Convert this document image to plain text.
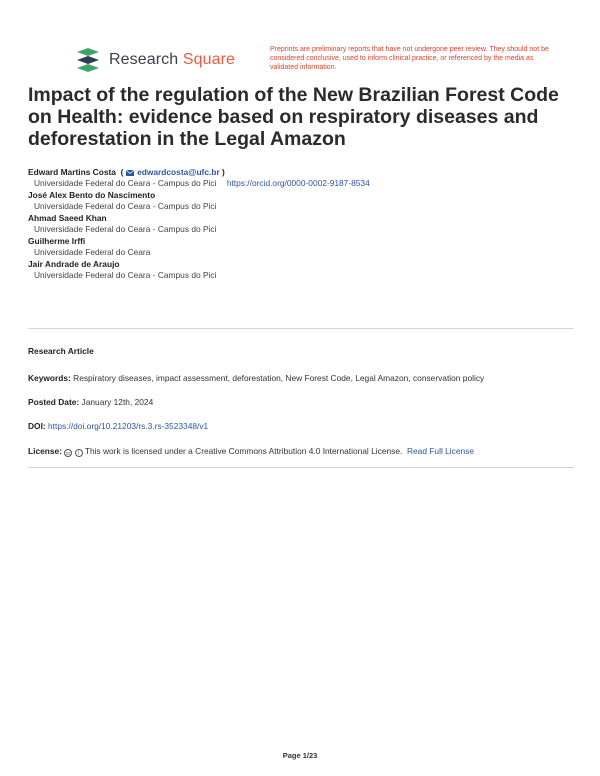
Research Square
Preprints are preliminary reports that have not undergone peer review. They should not be considered conclusive, used to inform clinical practice, or referenced by the media as validated information.
Impact of the regulation of the New Brazilian Forest Code on Health: evidence based on respiratory diseases and deforestation in the Legal Amazon
Edward Martins Costa  (  edwardcosta@ufc.br )
Universidade Federal do Ceara - Campus do Pici https://orcid.org/0000-0002-9187-8534
José Alex Bento do Nascimento
Universidade Federal do Ceara - Campus do Pici
Ahmad Saeed Khan
Universidade Federal do Ceara - Campus do Pici
Guilherme Irffi
Universidade Federal do Ceara
Jair Andrade de Araujo
Universidade Federal do Ceara - Campus do Pici
Research Article
Keywords: Respiratory diseases, impact assessment, deforestation, New Forest Code, Legal Amazon, conservation policy
Posted Date: January 12th, 2024
DOI: https://doi.org/10.21203/rs.3.rs-3523348/v1
License: cc i This work is licensed under a Creative Commons Attribution 4.0 International License. Read Full License
Page 1/23
